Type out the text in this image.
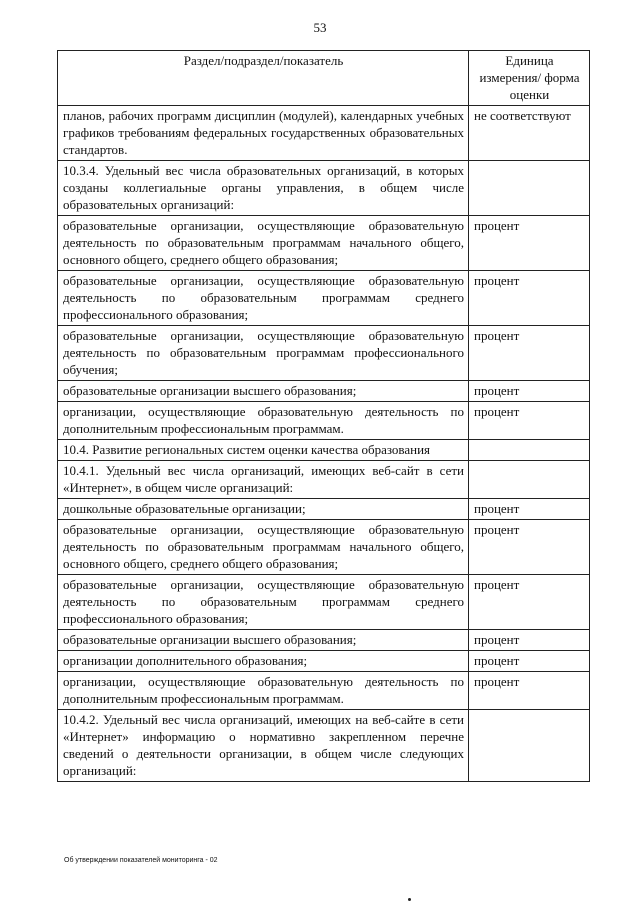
53
Раздел/подраздел/показатель	Единица измерения/ форма оценки
планов, рабочих программ дисциплин (модулей), календарных учебных графиков требованиям федеральных государственных образовательных стандартов.	не соответствуют
10.3.4. Удельный вес числа образовательных организаций, в которых созданы коллегиальные органы управления, в общем числе образовательных организаций:	
образовательные организации, осуществляющие образовательную деятельность по образовательным программам начального общего, основного общего, среднего общего образования;	процент
образовательные организации, осуществляющие образовательную деятельность по образовательным программам среднего профессионального образования;	процент
образовательные организации, осуществляющие образовательную деятельность по образовательным программам профессионального обучения;	процент
образовательные организации высшего образования;	процент
организации, осуществляющие образовательную деятельность по дополнительным профессиональным программам.	процент
10.4. Развитие региональных систем оценки качества образования	
10.4.1. Удельный вес числа организаций, имеющих веб-сайт в сети «Интернет», в общем числе организаций:	
дошкольные образовательные организации;	процент
образовательные организации, осуществляющие образовательную деятельность по образовательным программам начального общего, основного общего, среднего общего образования;	процент
образовательные организации, осуществляющие образовательную деятельность по образовательным программам среднего профессионального образования;	процент
образовательные организации высшего образования;	процент
организации дополнительного образования;	процент
организации, осуществляющие образовательную деятельность по дополнительным профессиональным программам.	процент
10.4.2. Удельный вес числа организаций, имеющих на веб-сайте в сети «Интернет» информацию о нормативно закрепленном перечне сведений о деятельности организации, в общем числе следующих организаций:	
Об утверждении показателей мониторинга - 02
